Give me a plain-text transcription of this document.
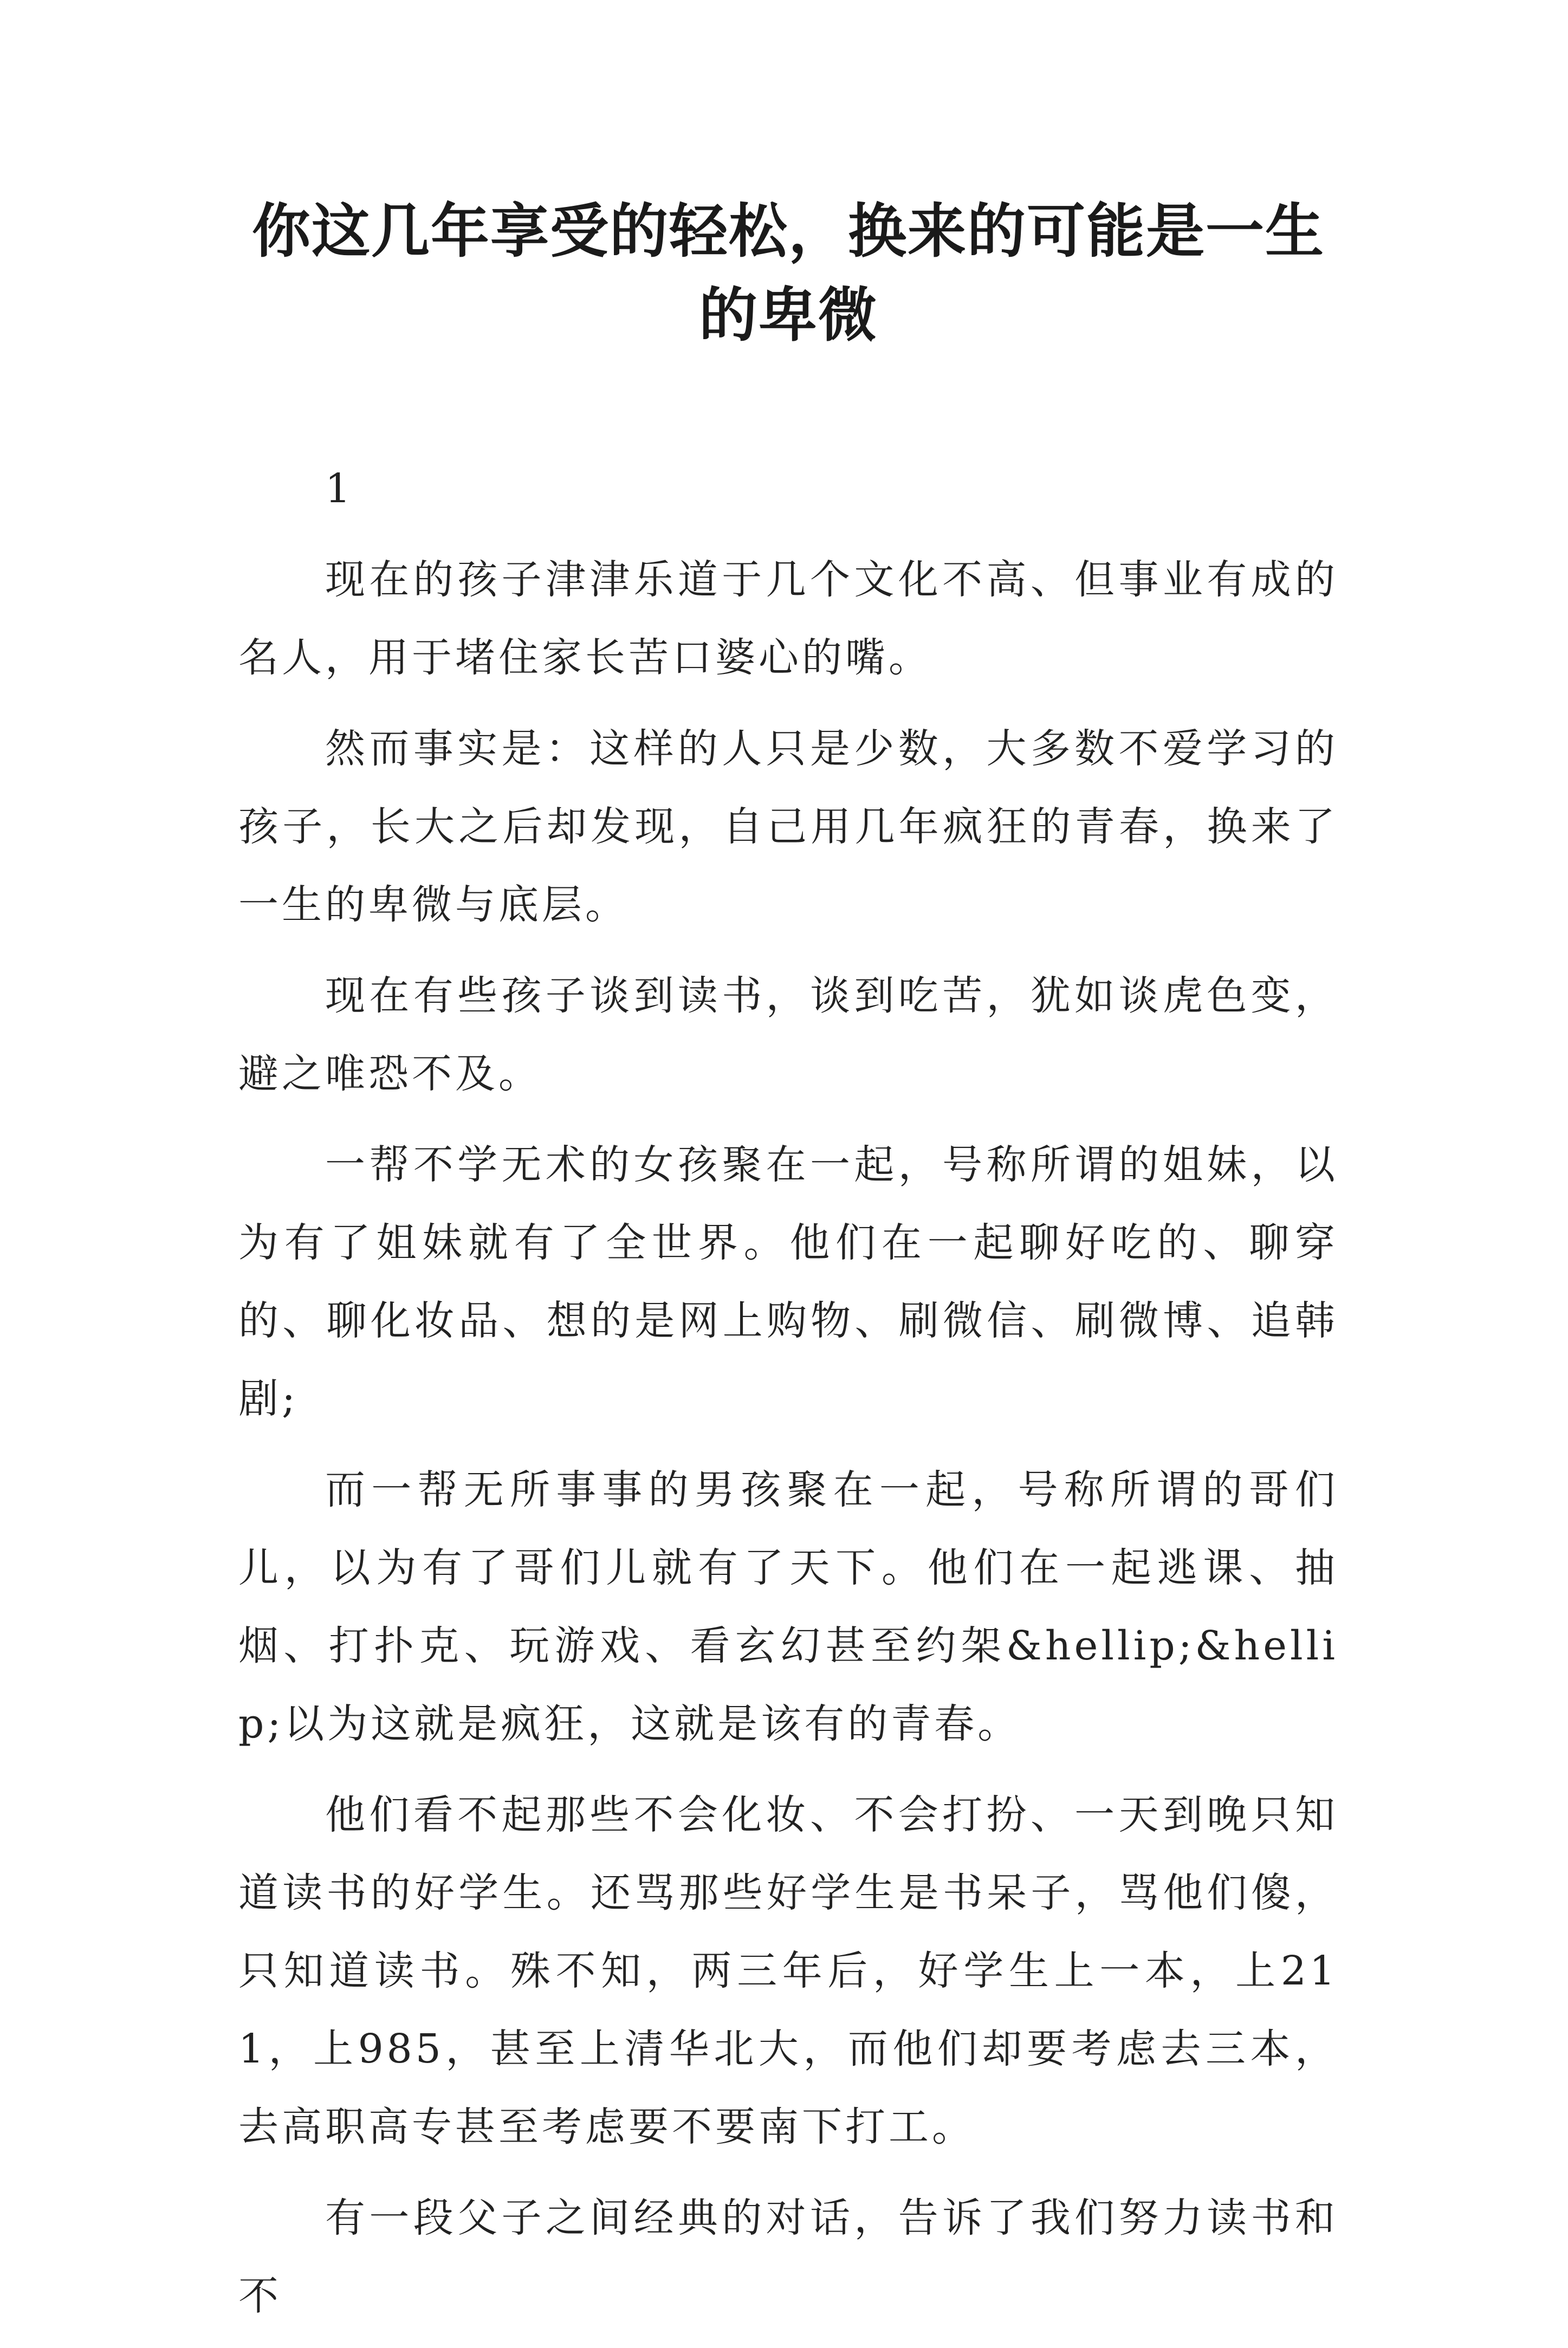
你这几年享受的轻松，换来的可能是一生的卑微

1

现在的孩子津津乐道于几个文化不高、但事业有成的名人，用于堵住家长苦口婆心的嘴。

然而事实是：这样的人只是少数，大多数不爱学习的孩子，长大之后却发现，自己用几年疯狂的青春，换来了一生的卑微与底层。

现在有些孩子谈到读书，谈到吃苦，犹如谈虎色变，避之唯恐不及。

一帮不学无术的女孩聚在一起，号称所谓的姐妹，以为有了姐妹就有了全世界。他们在一起聊好吃的、聊穿的、聊化妆品、想的是网上购物、刷微信、刷微博、追韩剧;

而一帮无所事事的男孩聚在一起，号称所谓的哥们儿，以为有了哥们儿就有了天下。他们在一起逃课、抽烟、打扑克、玩游戏、看玄幻甚至约架&hellip;&hellip;以为这就是疯狂，这就是该有的青春。

他们看不起那些不会化妆、不会打扮、一天到晚只知道读书的好学生。还骂那些好学生是书呆子，骂他们傻，只知道读书。殊不知，两三年后，好学生上一本，上211，上985，甚至上清华北大，而他们却要考虑去三本，去高职高专甚至考虑要不要南下打工。

有一段父子之间经典的对话，告诉了我们努力读书和不
